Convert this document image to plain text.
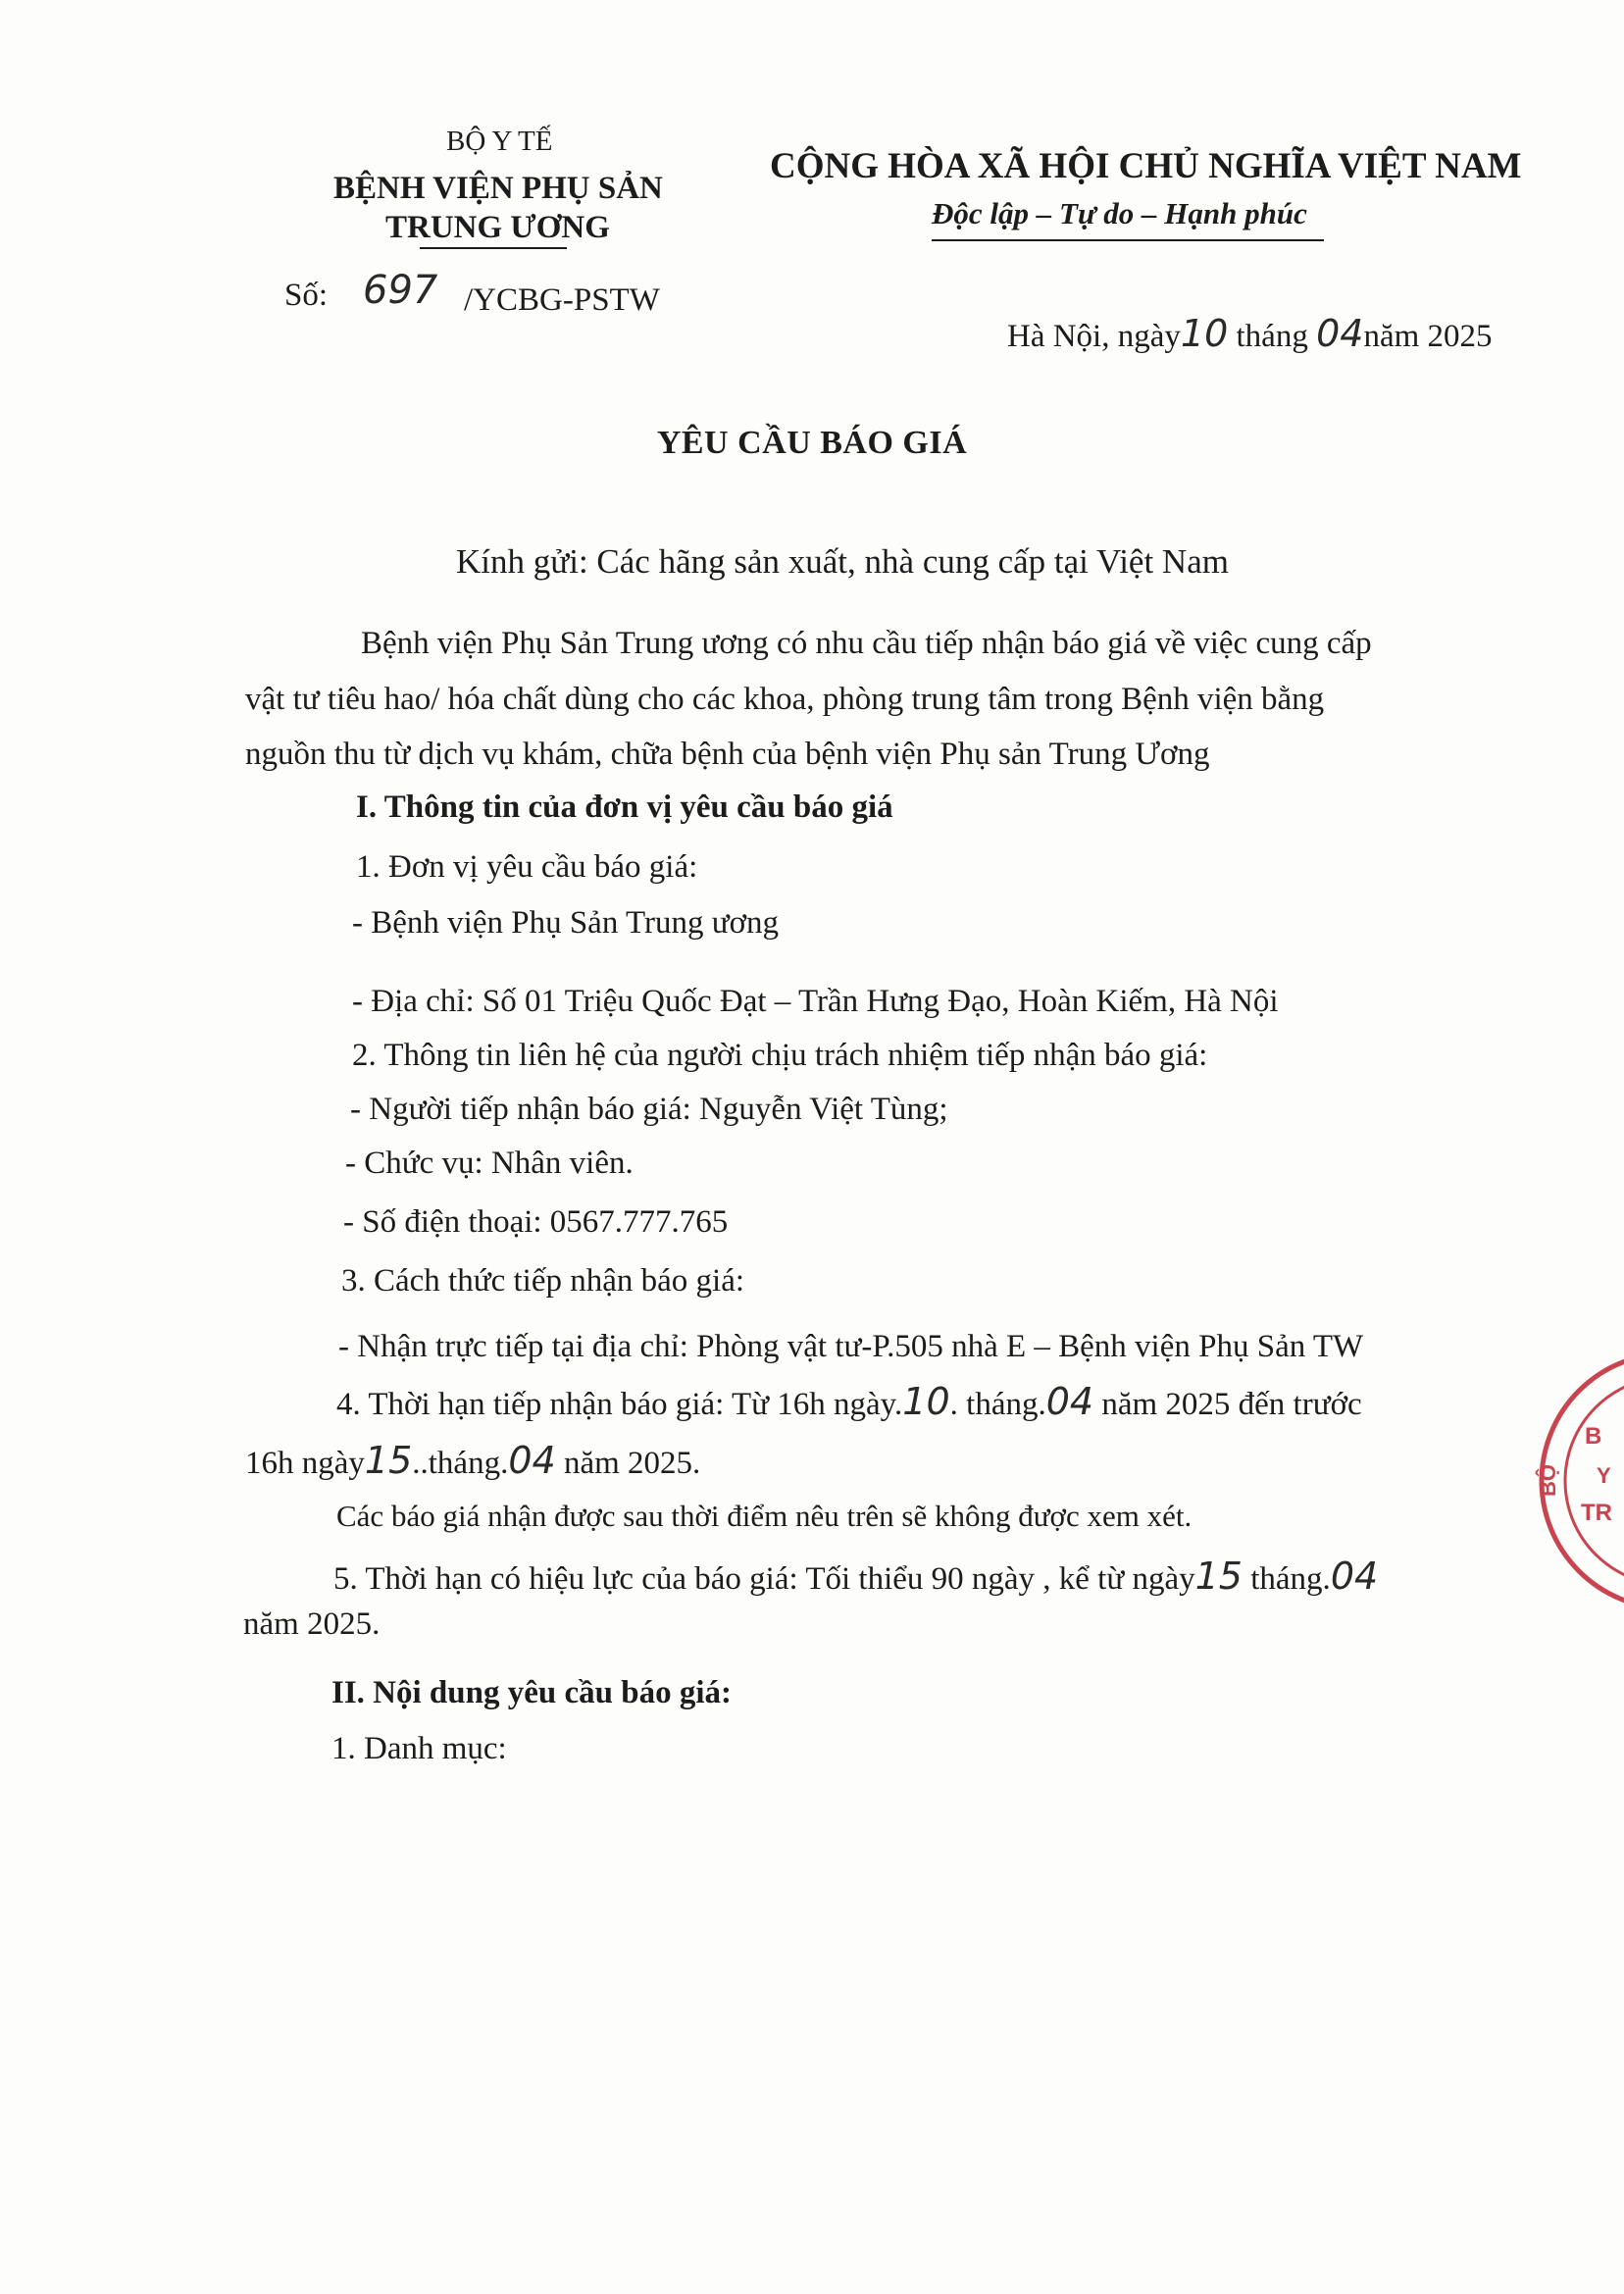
BỘ Y TẾ
BỆNH VIỆN PHỤ SẢN
TRUNG ƯƠNG
CỘNG HÒA XÃ HỘI CHỦ NGHĨA VIỆT NAM
Độc lập – Tự do – Hạnh phúc
Số: 697 /YCBG-PSTW
Hà Nội, ngày10 tháng 04năm 2025
YÊU CẦU BÁO GIÁ
Kính gửi: Các hãng sản xuất, nhà cung cấp tại Việt Nam
Bệnh viện Phụ Sản Trung ương có nhu cầu tiếp nhận báo giá về việc cung cấp
vật tư tiêu hao/ hóa chất dùng cho các khoa, phòng trung tâm trong Bệnh viện bằng
nguồn thu từ dịch vụ khám, chữa bệnh của bệnh viện Phụ sản Trung Ương
I. Thông tin của đơn vị yêu cầu báo giá
1. Đơn vị yêu cầu báo giá:
- Bệnh viện Phụ Sản Trung ương
- Địa chỉ: Số 01 Triệu Quốc Đạt – Trần Hưng Đạo, Hoàn Kiếm, Hà Nội
2. Thông tin liên hệ của người chịu trách nhiệm tiếp nhận báo giá:
- Người tiếp nhận báo giá: Nguyễn Việt Tùng;
- Chức vụ: Nhân viên.
- Số điện thoại: 0567.777.765
3. Cách thức tiếp nhận báo giá:
- Nhận trực tiếp tại địa chỉ: Phòng vật tư-P.505 nhà E – Bệnh viện Phụ Sản TW
4. Thời hạn tiếp nhận báo giá: Từ 16h ngày.10. tháng.04 năm 2025 đến trước
16h ngày15..tháng.04 năm 2025.
Các báo giá nhận được sau thời điểm nêu trên sẽ không được xem xét.
5. Thời hạn có hiệu lực của báo giá: Tối thiểu 90 ngày , kể từ ngày15 tháng.04
năm 2025.
II. Nội dung yêu cầu báo giá:
1. Danh mục:
B
BỘ Y
TR
